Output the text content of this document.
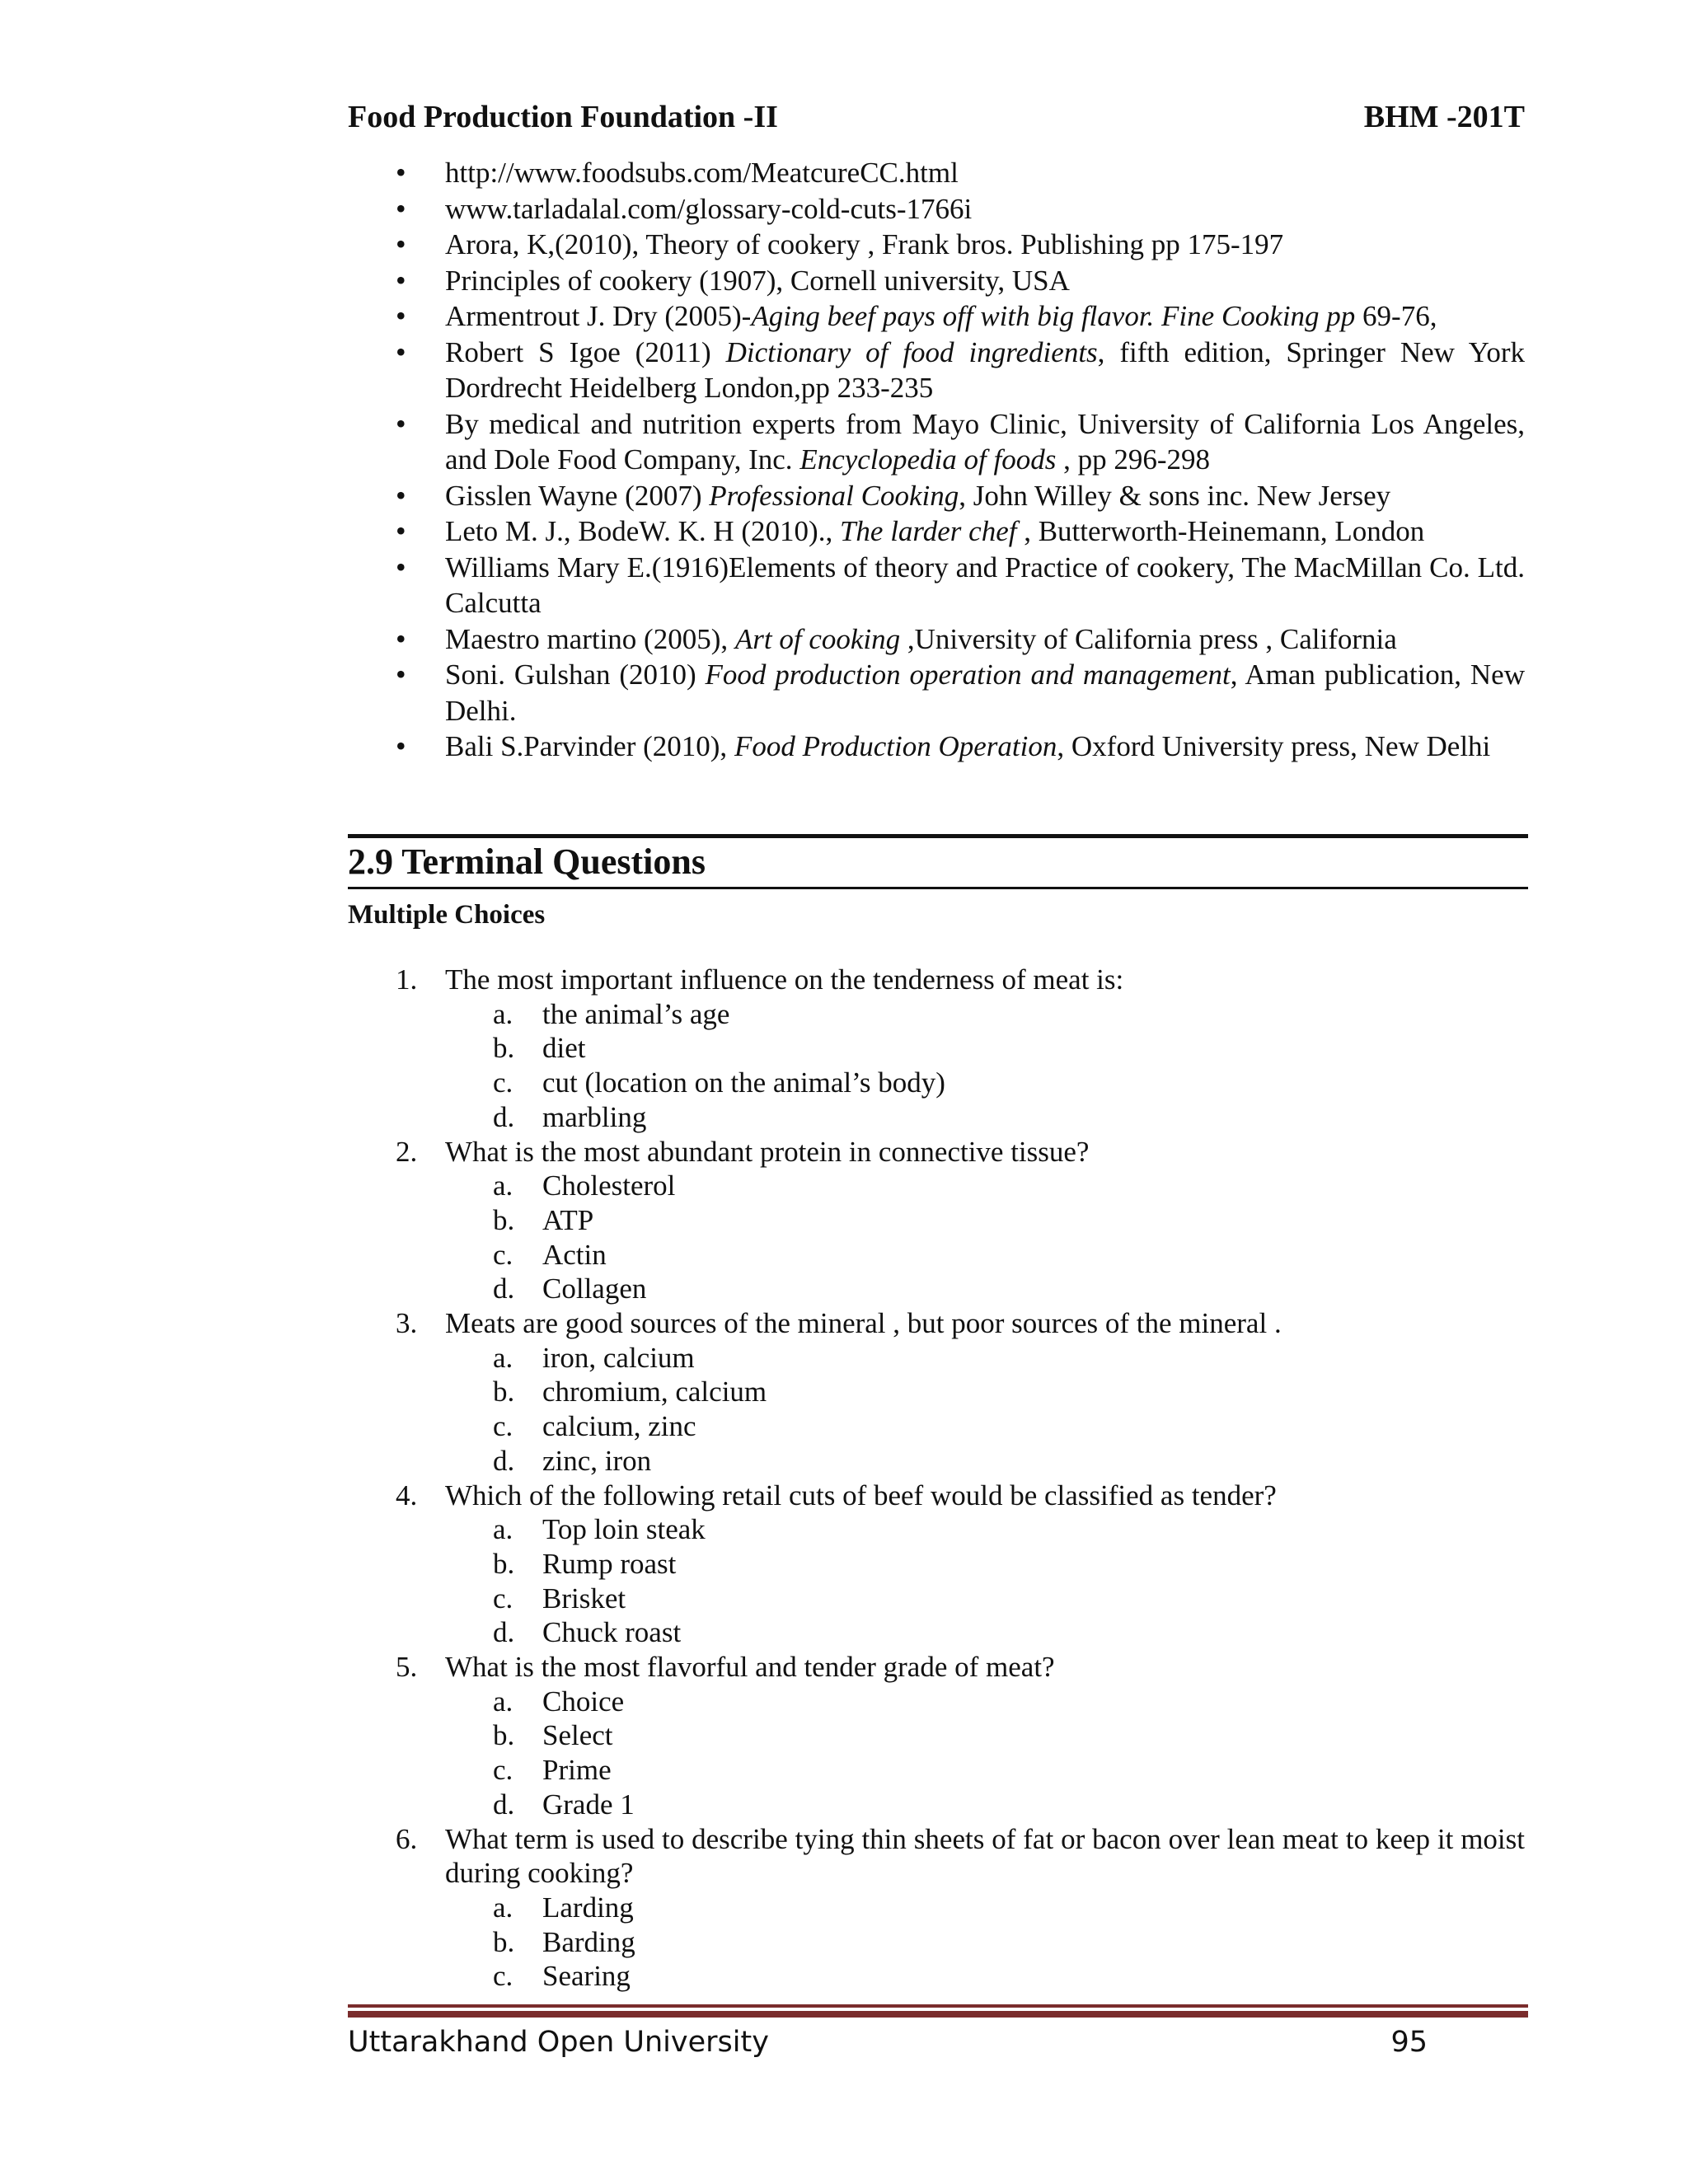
Food Production Foundation -II	BHM -201T
• http://www.foodsubs.com/MeatcureCC.html
• www.tarladalal.com/glossary-cold-cuts-1766i
• Arora, K,(2010), Theory of cookery , Frank bros. Publishing pp 175-197
• Principles of cookery (1907), Cornell university, USA
• Armentrout J. Dry (2005)-Aging beef pays off with big flavor. Fine Cooking pp 69-76,
• Robert S Igoe (2011) Dictionary of food ingredients, fifth edition, Springer New York Dordrecht Heidelberg London,pp 233-235
• By medical and nutrition experts from Mayo Clinic, University of California Los Angeles, and Dole Food Company, Inc. Encyclopedia of foods , pp 296-298
• Gisslen Wayne (2007) Professional Cooking, John Willey & sons inc. New Jersey
• Leto M. J., BodeW. K. H (2010)., The larder chef , Butterworth-Heinemann, London
• Williams Mary E.(1916)Elements of theory and Practice of cookery, The MacMillan Co. Ltd. Calcutta
• Maestro martino (2005), Art of cooking ,University of California press , California
• Soni. Gulshan (2010) Food production operation and management, Aman publication, New Delhi.
• Bali S.Parvinder (2010), Food Production Operation, Oxford University press, New Delhi
2.9 Terminal Questions
Multiple Choices
1. The most important influence on the tenderness of meat is:
a. the animal’s age
b. diet
c. cut (location on the animal’s body)
d. marbling
2. What is the most abundant protein in connective tissue?
a. Cholesterol
b. ATP
c. Actin
d. Collagen
3. Meats are good sources of the mineral , but poor sources of the mineral .
a. iron, calcium
b. chromium, calcium
c. calcium, zinc
d. zinc, iron
4. Which of the following retail cuts of beef would be classified as tender?
a. Top loin steak
b. Rump roast
c. Brisket
d. Chuck roast
5. What is the most flavorful and tender grade of meat?
a. Choice
b. Select
c. Prime
d. Grade 1
6. What term is used to describe tying thin sheets of fat or bacon over lean meat to keep it moist during cooking?
a. Larding
b. Barding
c. Searing
Uttarakhand Open University	95
